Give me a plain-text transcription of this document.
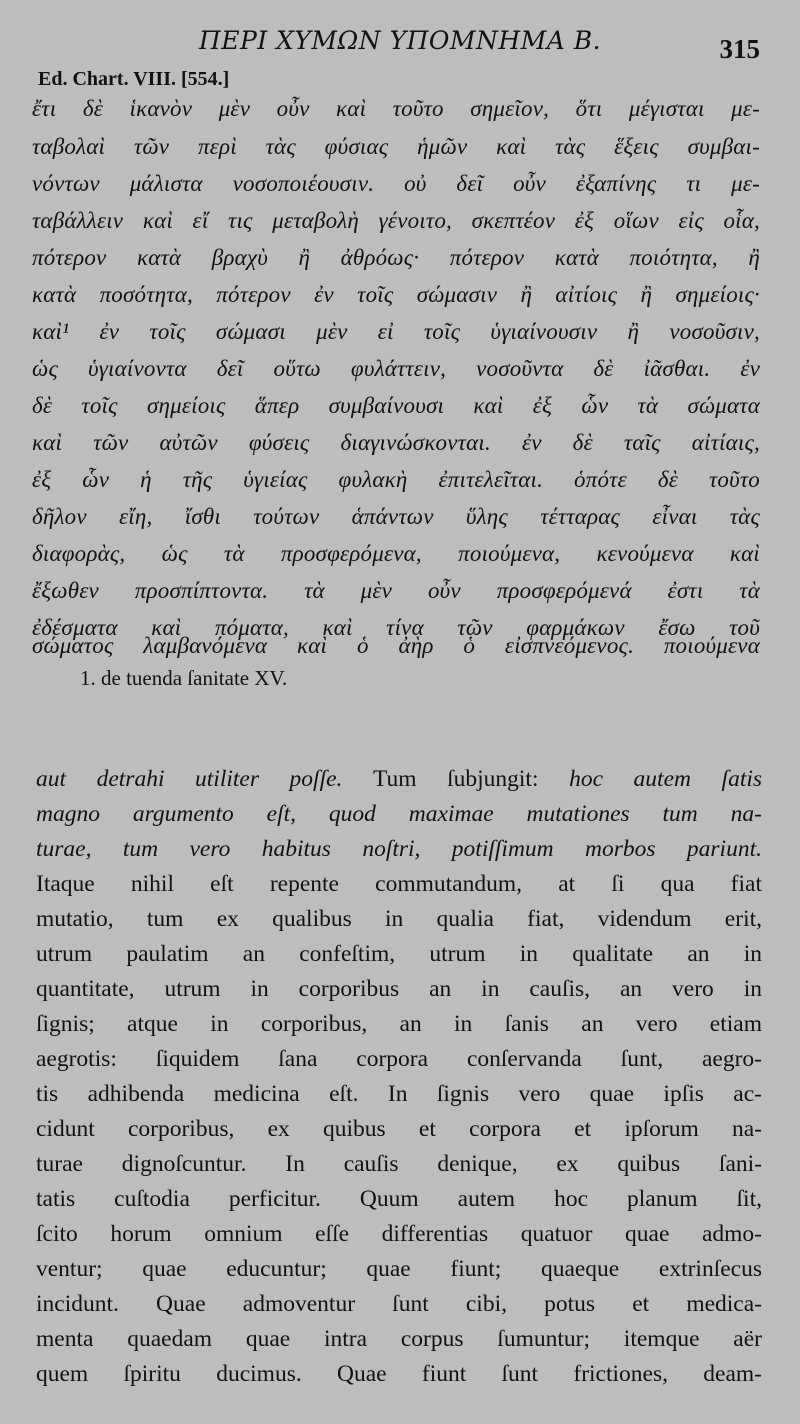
ΠΕΡΙ ΧΥΜΩΝ ΥΠΟΜΝΗΜΑ Β.	315
Ed. Chart. VIII. [554.]
ἔτι δὲ ἱκανὸν μὲν οὖν καὶ τοῦτο σημεῖον, ὅτι μέγισται με-
ταβολαὶ τῶν περὶ τὰς φύσιας ἡμῶν καὶ τὰς ἕξεις συμβαι-
νόντων μάλιστα νοσοποιέουσιν. οὐ δεῖ οὖν ἐξαπίνης τι με-
ταβάλλειν καὶ εἴ τις μεταβολὴ γένοιτο, σκεπτέον ἐξ οἵων εἰς οἷα,
πότερον κατὰ βραχὺ ἢ ἀθρόως· πότερον κατὰ ποιότητα, ἢ
κατὰ ποσότητα, πότερον ἐν τοῖς σώμασιν ἢ αἰτίοις ἢ σημείοις·
καὶ¹ ἐν τοῖς σώμασι μὲν εἰ τοῖς ὑγιαίνουσιν ἢ νοσοῦσιν,
ὡς ὑγιαίνοντα δεῖ οὕτω φυλάττειν, νοσοῦντα δὲ ἰᾶσθαι. ἐν
δὲ τοῖς σημείοις ἅπερ συμβαίνουσι καὶ ἐξ ὧν τὰ σώματα
καὶ τῶν αὐτῶν φύσεις διαγινώσκονται. ἐν δὲ ταῖς αἰτίαις,
ἐξ ὧν ἡ τῆς ὑγιείας φυλακὴ ἐπιτελεῖται. ὁπότε δὲ τοῦτο
δῆλον εἴη, ἴσθι τούτων ἁπάντων ὕλης τέτταρας εἶναι τὰς
διαφορὰς, ὡς τὰ προσφερόμενα, ποιούμενα, κενούμενα καὶ
ἔξωθεν προσπίπτοντα. τὰ μὲν οὖν προσφερόμενά ἐστι τὰ
ἐδέσματα καὶ πόματα, καὶ τίνα τῶν φαρμάκων ἔσω τοῦ
σώματος λαμβανόμενα καὶ ὁ ἀὴρ ὁ εἰσπνεόμενος. ποιούμενα
1. de tuenda ſanitate XV.
aut detrahi utiliter poſſe. Tum ſubjungit: hoc autem ſatis
magno argumento eſt, quod maximae mutationes tum na-
turae, tum vero habitus noſtri, potiſſimum morbos pariunt.
Itaque nihil eſt repente commutandum, at ſi qua fiat
mutatio, tum ex qualibus in qualia fiat, videndum erit,
utrum paulatim an confeſtim, utrum in qualitate an in
quantitate, utrum in corporibus an in cauſis, an vero in
ſignis; atque in corporibus, an in ſanis an vero etiam
aegrotis: ſiquidem ſana corpora conſervanda ſunt, aegro-
tis adhibenda medicina eſt. In ſignis vero quae ipſis ac-
cidunt corporibus, ex quibus et corpora et ipſorum na-
turae dignoſcuntur. In cauſis denique, ex quibus ſani-
tatis cuſtodia perficitur. Quum autem hoc planum ſit,
ſcito horum omnium eſſe differentias quatuor quae admo-
ventur; quae educuntur; quae fiunt; quaeque extrinſecus
incidunt. Quae admoventur ſunt cibi, potus et medica-
menta quaedam quae intra corpus ſumuntur; itemque aër
quem ſpiritu ducimus. Quae fiunt ſunt frictiones, deam-
